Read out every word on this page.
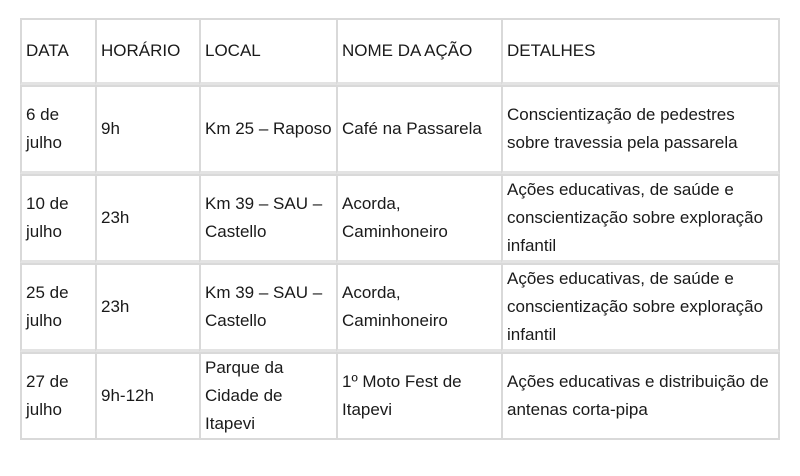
DATA	HORÁRIO	LOCAL	NOME DA AÇÃO	DETALHES
6 de julho	9h	Km 25 – Raposo	Café na Passarela	Conscientização de pedestres sobre travessia pela passarela
10 de julho	23h	Km 39 – SAU – Castello	Acorda, Caminhoneiro	Ações educativas, de saúde e conscientização sobre exploração infantil
25 de julho	23h	Km 39 – SAU – Castello	Acorda, Caminhoneiro	Ações educativas, de saúde e conscientização sobre exploração infantil
27 de julho	9h-12h	Parque da Cidade de Itapevi	1º Moto Fest de Itapevi	Ações educativas e distribuição de antenas corta-pipa
